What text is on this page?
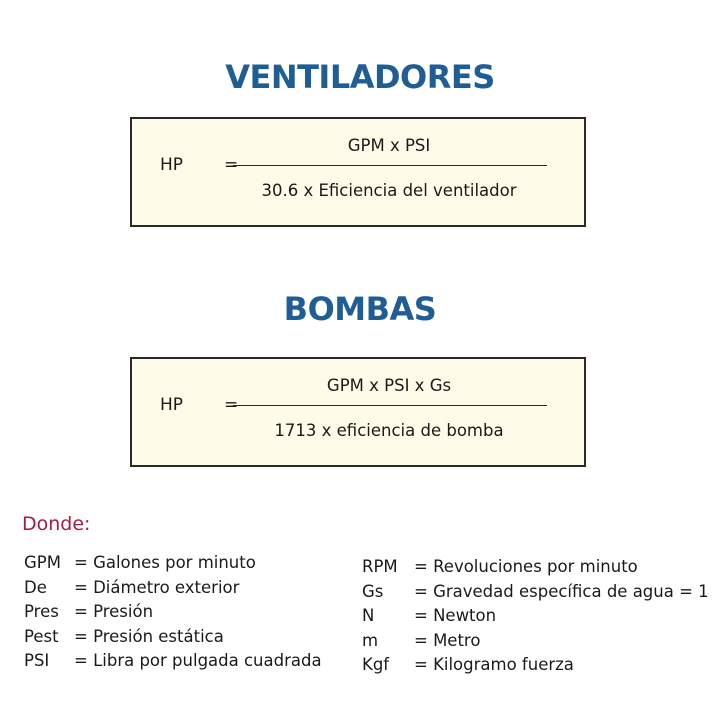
VENTILADORES
HP =
GPM x PSI
30.6 x Eficiencia del ventilador
BOMBAS
HP =
GPM x PSI x Gs
1713 x eficiencia de bomba
Donde:
GPM = Galones por minuto
De = Diámetro exterior
Pres = Presión
Pest = Presión estática
PSI = Libra por pulgada cuadrada
RPM = Revoluciones por minuto
Gs = Gravedad específica de agua = 1
N = Newton
m = Metro
Kgf = Kilogramo fuerza
